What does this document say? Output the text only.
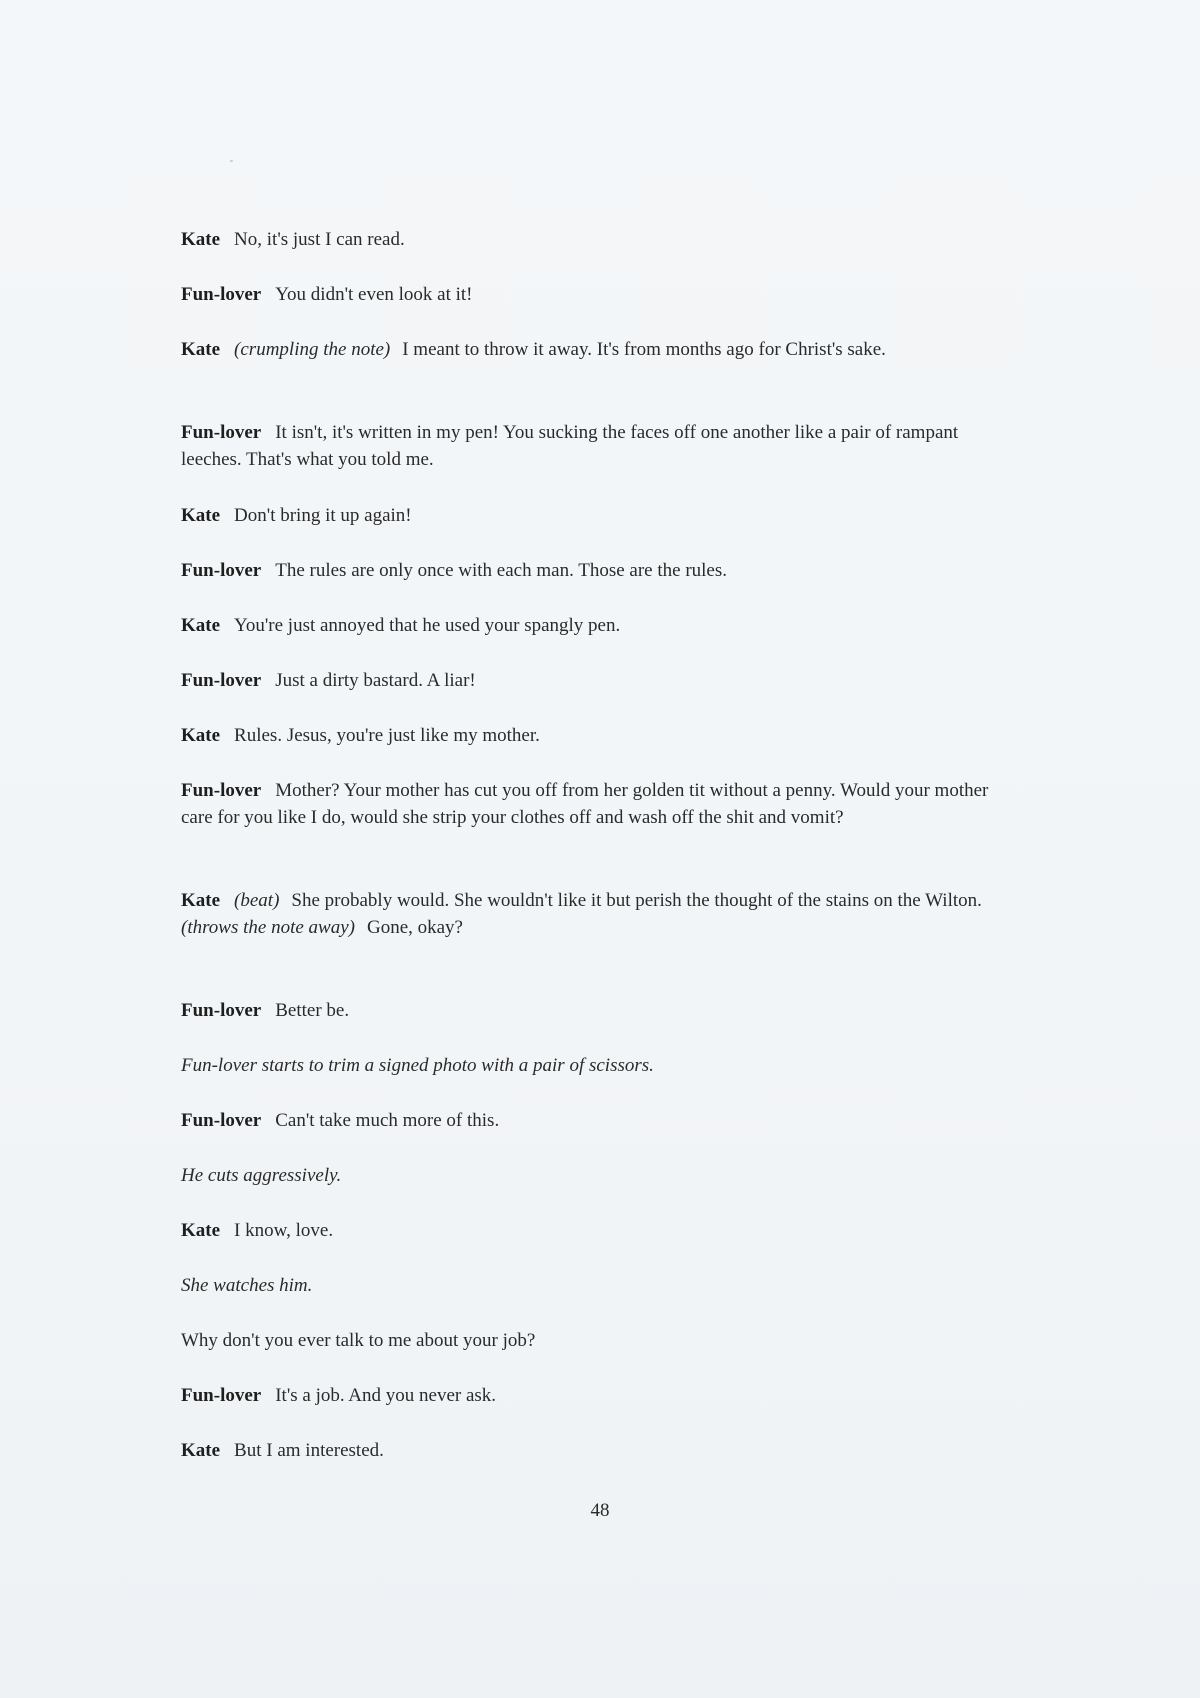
Kate No, it's just I can read.

Fun-lover You didn't even look at it!

Kate (crumpling the note) I meant to throw it away. It's from months ago for Christ's sake.

Fun-lover It isn't, it's written in my pen! You sucking the faces off one another like a pair of rampant leeches. That's what you told me.

Kate Don't bring it up again!

Fun-lover The rules are only once with each man. Those are the rules.

Kate You're just annoyed that he used your spangly pen.

Fun-lover Just a dirty bastard. A liar!

Kate Rules. Jesus, you're just like my mother.

Fun-lover Mother? Your mother has cut you off from her golden tit without a penny. Would your mother care for you like I do, would she strip your clothes off and wash off the shit and vomit?

Kate (beat) She probably would. She wouldn't like it but perish the thought of the stains on the Wilton.
(throws the note away) Gone, okay?

Fun-lover Better be.

Fun-lover starts to trim a signed photo with a pair of scissors.

Fun-lover Can't take much more of this.

He cuts aggressively.

Kate I know, love.

She watches him.

Why don't you ever talk to me about your job?

Fun-lover It's a job. And you never ask.

Kate But I am interested.

48
